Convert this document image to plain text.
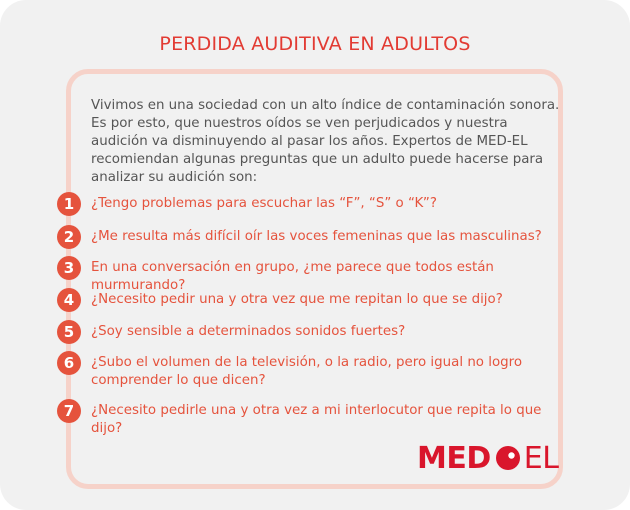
PERDIDA AUDITIVA EN ADULTOS

Vivimos en una sociedad con un alto índice de contaminación sonora. Es por esto, que nuestros oídos se ven perjudicados y nuestra audición va disminuyendo al pasar los años. Expertos de MED-EL recomiendan algunas preguntas que un adulto puede hacerse para analizar su audición son:

1	¿Tengo problemas para escuchar las “F”, “S” o “K”?
2	¿Me resulta más difícil oír las voces femeninas que las masculinas?
3	En una conversación en grupo, ¿me parece que todos están murmurando?
4	¿Necesito pedir una y otra vez que me repitan lo que se dijo?
5	¿Soy sensible a determinados sonidos fuertes?
6	¿Subo el volumen de la televisión, o la radio, pero igual no logro comprender lo que dicen?
7	¿Necesito pedirle una y otra vez a mi interlocutor que repita lo que dijo?
MED EL
